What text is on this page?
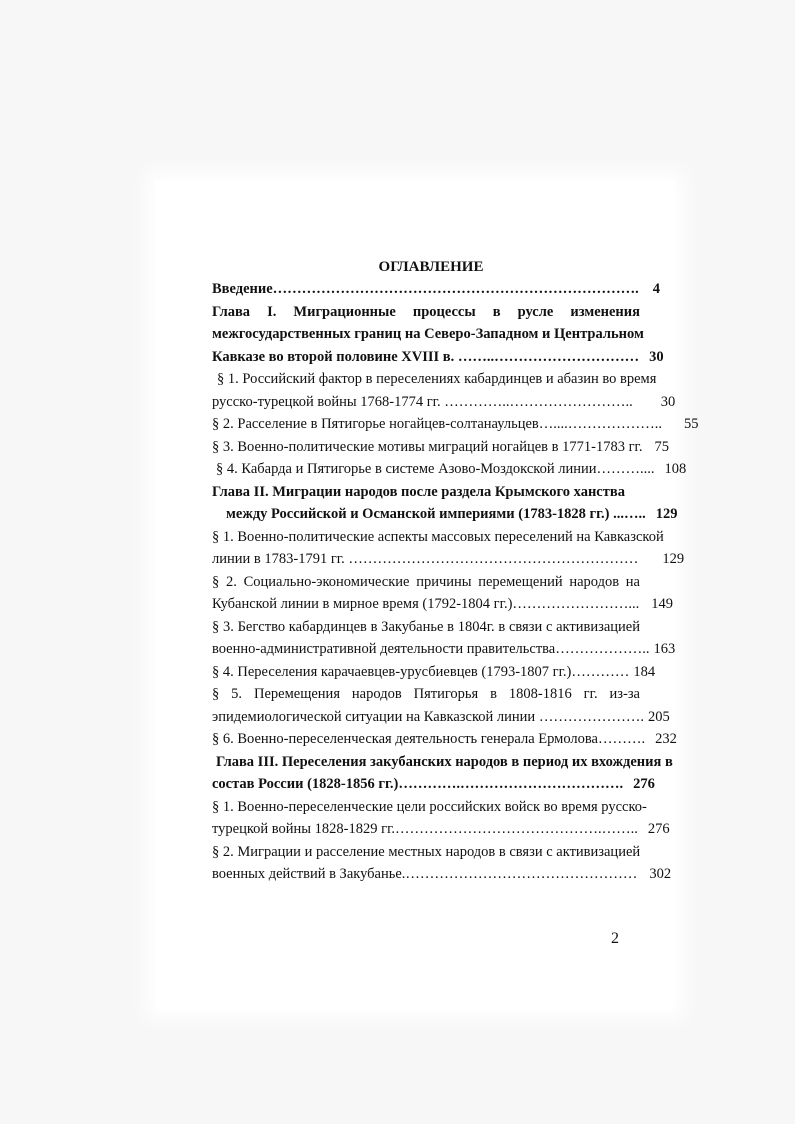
ОГЛАВЛЕНИЕ
Введение…………………………………………………………………. 4
Глава I. Миграционные процессы в русле изменения
межгосударственных границ на Северо-Западном и Центральном
Кавказе во второй половине XVIII в. ……..………………………… 30
§ 1. Российский фактор в переселениях кабардинцев и абазин во время
русско-турецкой войны 1768-1774 гг. …………..…………………….. 30
§ 2. Расселение в Пятигорье ногайцев-солтанаульцев…....……………….. 55
§ 3. Военно-политические мотивы миграций ногайцев в 1771-1783 гг. 75
§ 4. Кабарда и Пятигорье в системе Азово-Моздокской линии……….... 108
Глава II. Миграции народов после раздела Крымского ханства
между Российской и Османской империями (1783-1828 гг.) ...….. 129
§ 1. Военно-политические аспекты массовых переселений на Кавказской
линии в 1783-1791 гг. …………………………………………………… 129
§ 2. Социально-экономические причины перемещений народов на
Кубанской линии в мирное время (1792-1804 гг.)……………………... 149
§ 3. Бегство кабардинцев в Закубанье в 1804г. в связи с активизацией
военно-административной деятельности правительства……………….. 163
§ 4. Переселения карачаевцев-урусбиевцев (1793-1807 гг.)………… 184
§ 5. Перемещения народов Пятигорья в 1808-1816 гг. из-за
эпидемиологической ситуации на Кавказской линии …………………. 205
§ 6. Военно-переселенческая деятельность генерала Ермолова………. 232
Глава III. Переселения закубанских народов в период их вхождения в
состав России (1828-1856 гг.)………….……………………………. 276
§ 1. Военно-переселенческие цели российских войск во время русско-
турецкой войны 1828-1829 гг.…………………………………….…….. 276
§ 2. Миграции и расселение местных народов в связи с активизацией
военных действий в Закубанье.………………………………………… 302
2
